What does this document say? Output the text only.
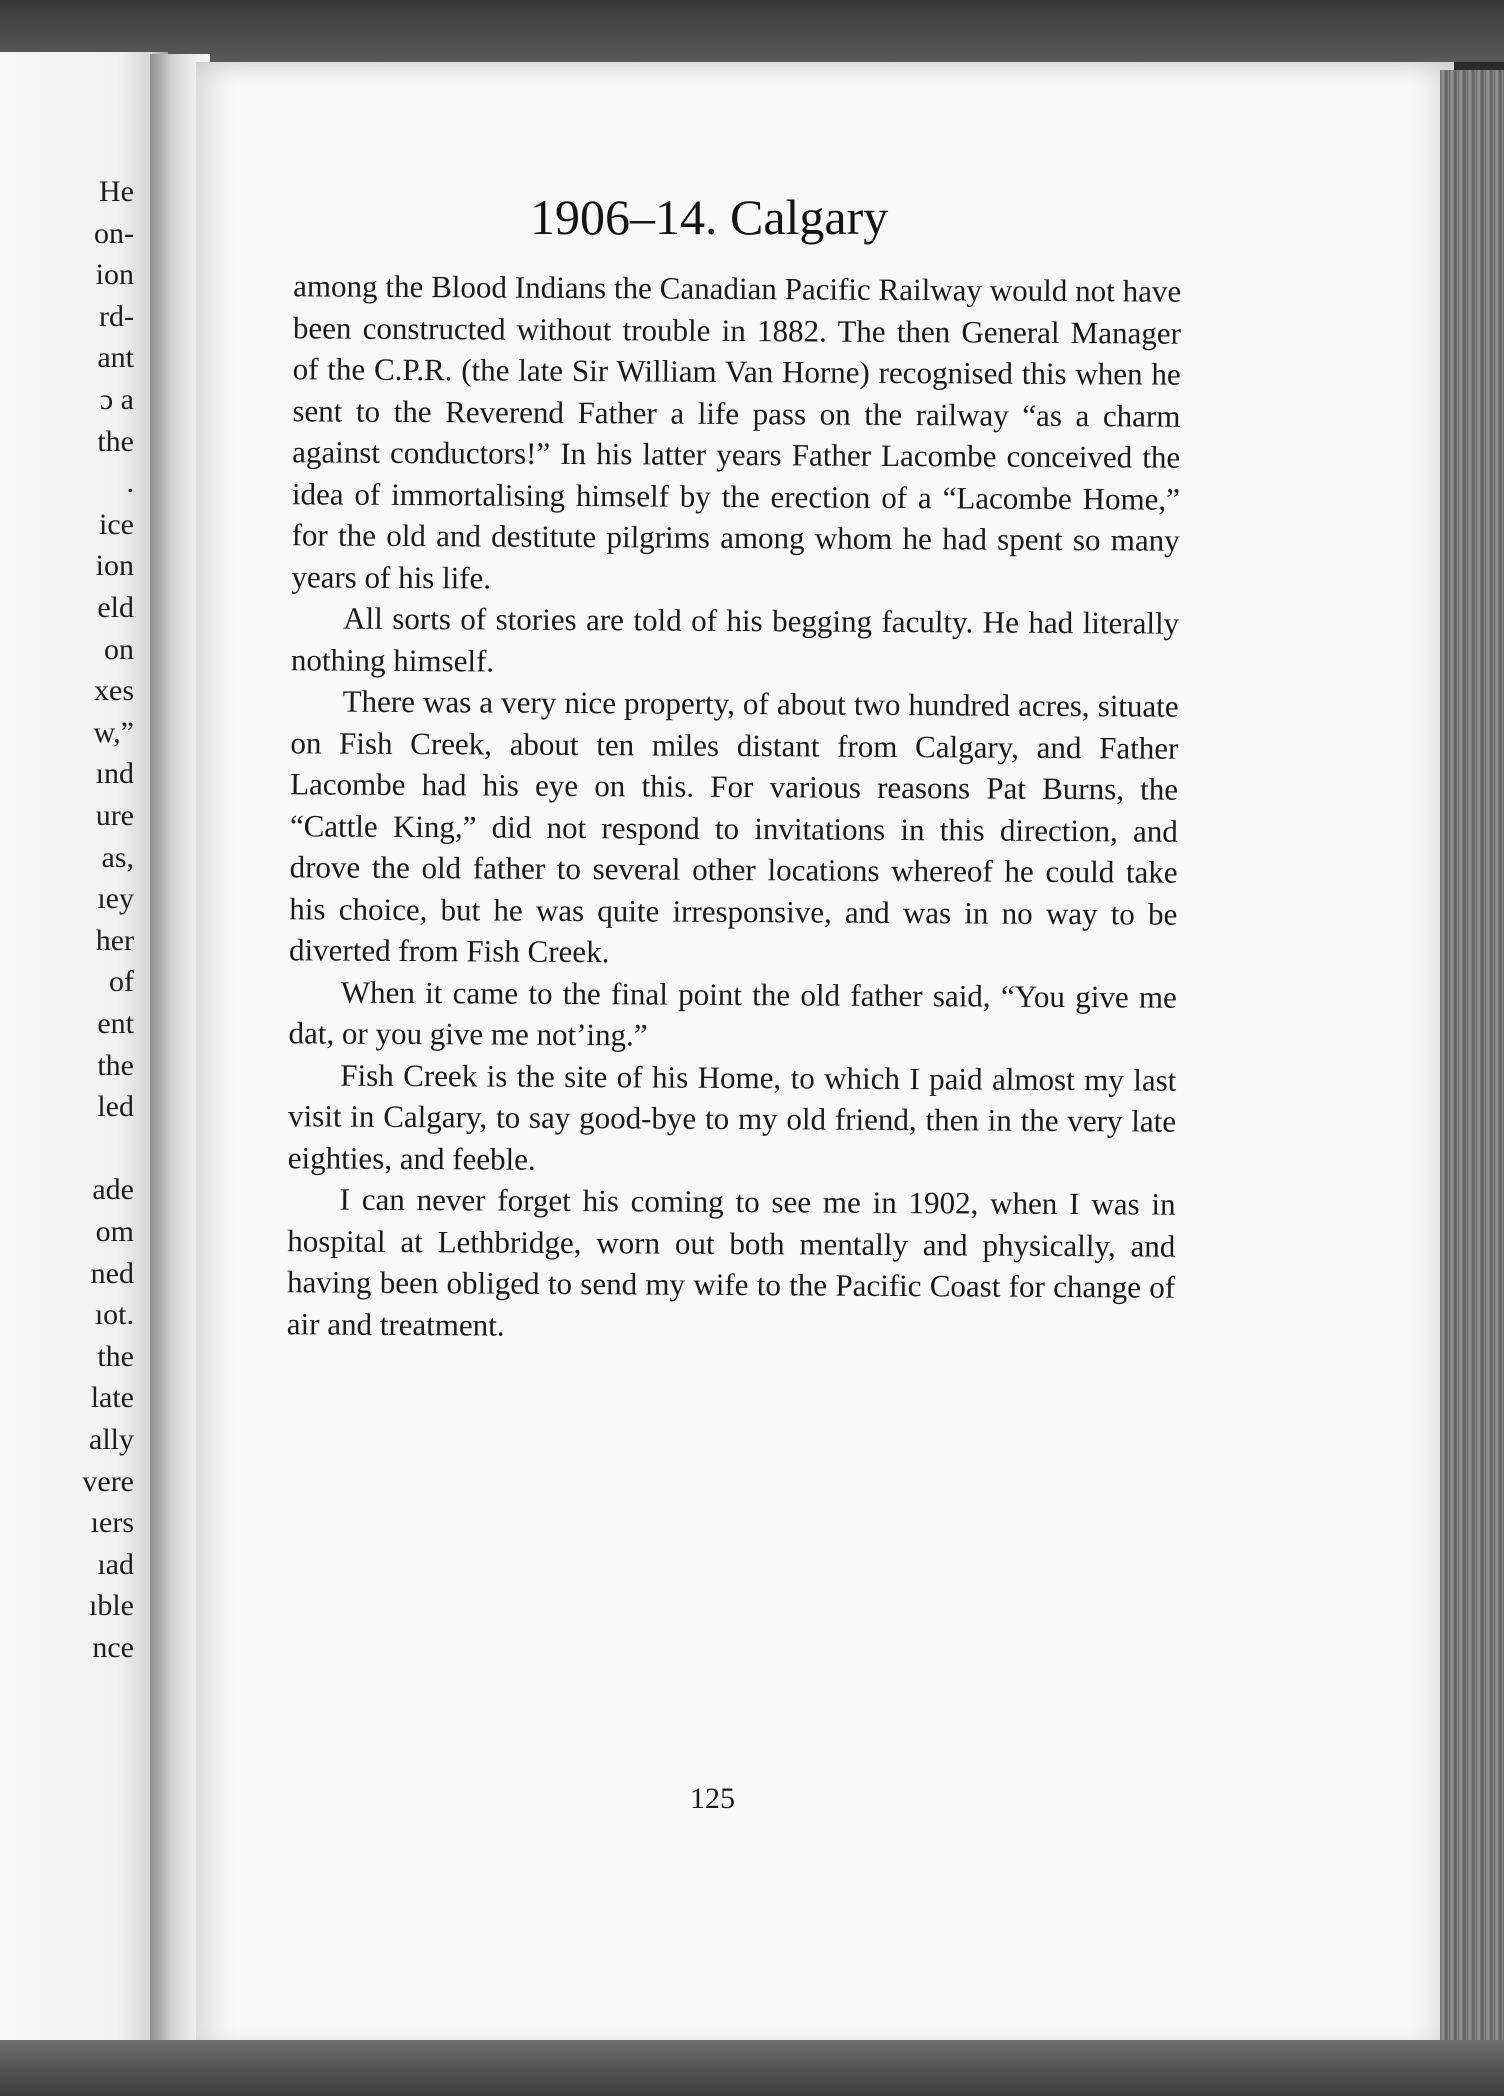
He
on-
ion
rd-
ant
ɔ a
the
.
ice
ion
eld
on
xes
w,”
ınd
ure
as,
ıey
her
of
ent
the
led
ade
om
ned
ıot.
the
late
ally
vere
ıers
ıad
ıble
nce
1906–14. Calgary

among the Blood Indians the Canadian Pacific Railway would not have been constructed without trouble in 1882. The then General Manager of the C.P.R. (the late Sir William Van Horne) recognised this when he sent to the Reverend Father a life pass on the railway “as a charm against conductors!” In his latter years Father Lacombe conceived the idea of immortalising himself by the erection of a “Lacombe Home,” for the old and destitute pilgrims among whom he had spent so many years of his life.

All sorts of stories are told of his begging faculty. He had literally nothing himself.

There was a very nice property, of about two hundred acres, situate on Fish Creek, about ten miles distant from Calgary, and Father Lacombe had his eye on this. For various reasons Pat Burns, the “Cattle King,” did not respond to invitations in this direction, and drove the old father to several other locations whereof he could take his choice, but he was quite irresponsive, and was in no way to be diverted from Fish Creek.

When it came to the final point the old father said, “You give me dat, or you give me not’ing.”

Fish Creek is the site of his Home, to which I paid almost my last visit in Calgary, to say good-bye to my old friend, then in the very late eighties, and feeble.

I can never forget his coming to see me in 1902, when I was in hospital at Lethbridge, worn out both mentally and physically, and having been obliged to send my wife to the Pacific Coast for change of air and treatment.

125
